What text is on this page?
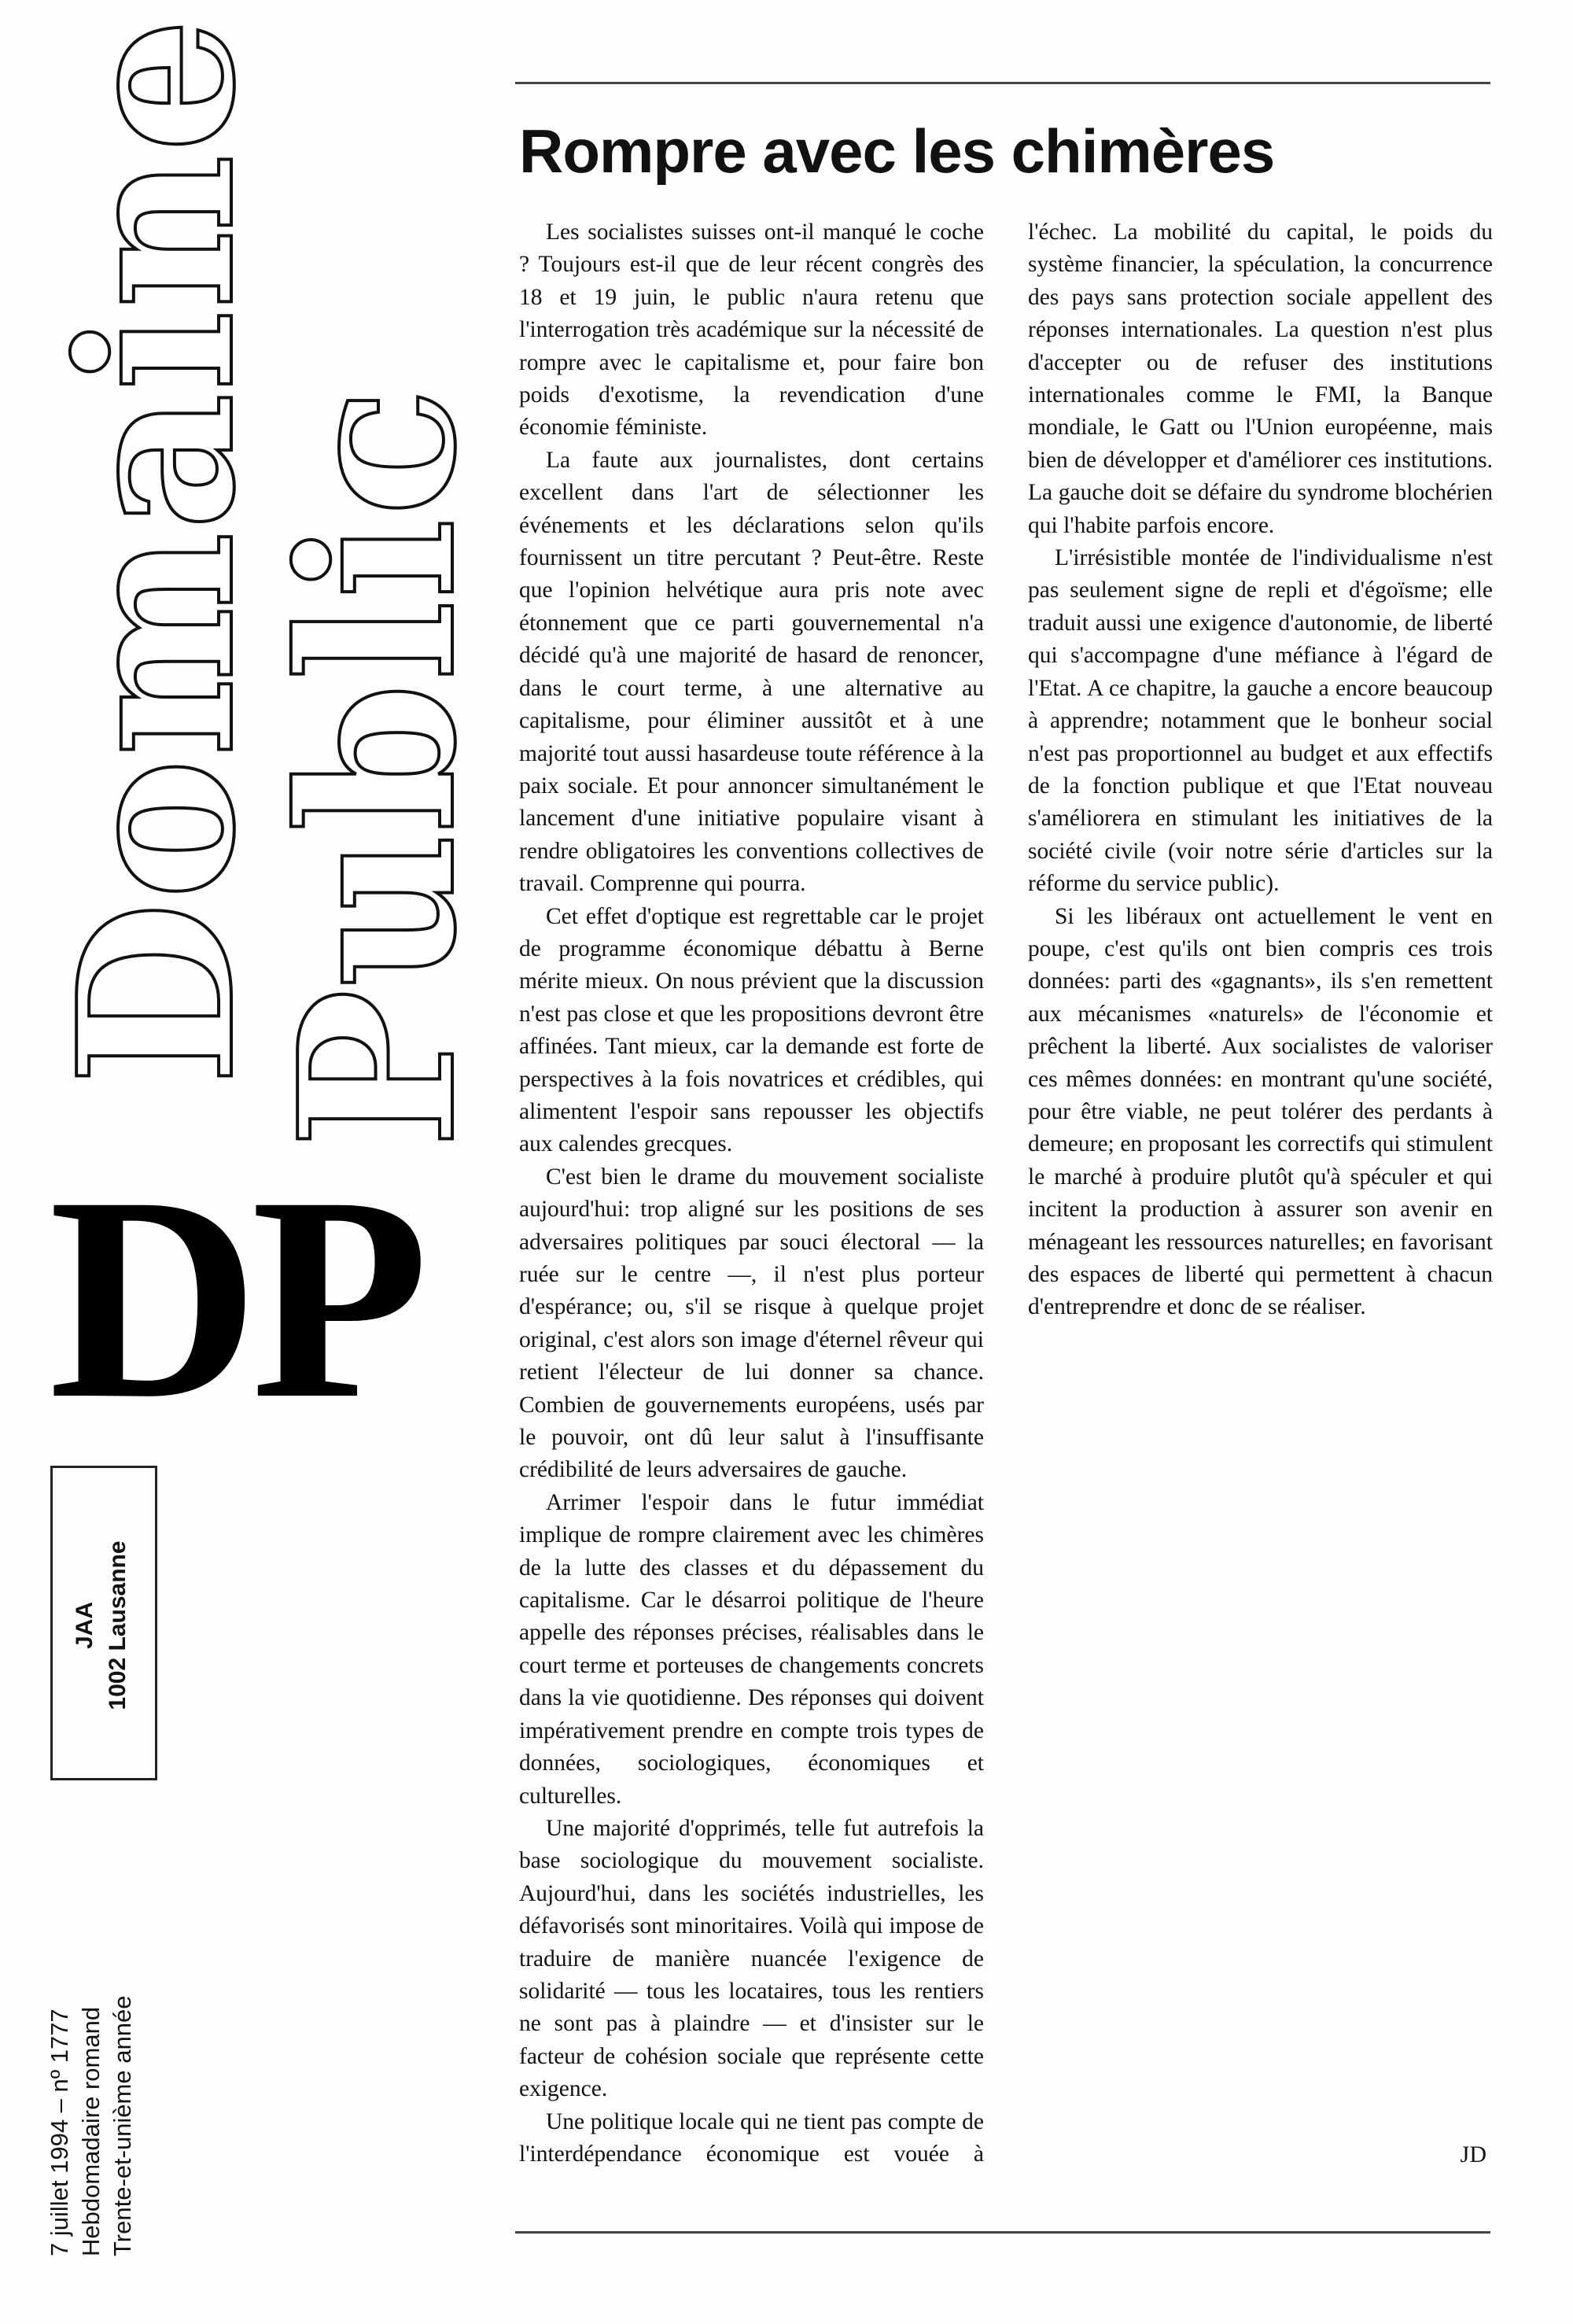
Domaine
Public
DP
JAA 1002 Lausanne
7 juillet 1994 – nº 1777 Hebdomadaire romand Trente-et-unième année
Rompre avec les chimères

Les socialistes suisses ont-il manqué le coche ? Toujours est-il que de leur récent congrès des 18 et 19 juin, le public n'aura retenu que l'interrogation très académique sur la nécessité de rompre avec le capitalisme et, pour faire bon poids d'exotisme, la revendication d'une économie féministe.

La faute aux journalistes, dont certains excellent dans l'art de sélectionner les événements et les déclarations selon qu'ils fournissent un titre percutant ? Peut-être. Reste que l'opinion helvétique aura pris note avec étonnement que ce parti gouvernemental n'a décidé qu'à une majorité de hasard de renoncer, dans le court terme, à une alternative au capitalisme, pour éliminer aussitôt et à une majorité tout aussi hasardeuse toute référence à la paix sociale. Et pour annoncer simultanément le lancement d'une initiative populaire visant à rendre obligatoires les conventions collectives de travail. Comprenne qui pourra.

Cet effet d'optique est regrettable car le projet de programme économique débattu à Berne mérite mieux. On nous prévient que la discussion n'est pas close et que les propositions devront être affinées. Tant mieux, car la demande est forte de perspectives à la fois novatrices et crédibles, qui alimentent l'espoir sans repousser les objectifs aux calendes grecques.

C'est bien le drame du mouvement socialiste aujourd'hui: trop aligné sur les positions de ses adversaires politiques par souci électoral — la ruée sur le centre —, il n'est plus porteur d'espérance; ou, s'il se risque à quelque projet original, c'est alors son image d'éternel rêveur qui retient l'électeur de lui donner sa chance. Combien de gouvernements européens, usés par le pouvoir, ont dû leur salut à l'insuffisante crédibilité de leurs adversaires de gauche.

Arrimer l'espoir dans le futur immédiat implique de rompre clairement avec les chimères de la lutte des classes et du dépassement du capitalisme. Car le désarroi politique de l'heure appelle des réponses précises, réalisables dans le court terme et porteuses de changements concrets dans la vie quotidienne. Des réponses qui doivent impérativement prendre en compte trois types de données, sociologiques, économiques et culturelles.

Une majorité d'opprimés, telle fut autrefois la base sociologique du mouvement socialiste. Aujourd'hui, dans les sociétés industrielles, les défavorisés sont minoritaires. Voilà qui impose de traduire de manière nuancée l'exigence de solidarité — tous les locataires, tous les rentiers ne sont pas à plaindre — et d'insister sur le facteur de cohésion sociale que représente cette exigence.

Une politique locale qui ne tient pas compte de l'interdépendance économique est vouée à l'échec. La mobilité du capital, le poids du système financier, la spéculation, la concurrence des pays sans protection sociale appellent des réponses internationales. La question n'est plus d'accepter ou de refuser des institutions internationales comme le FMI, la Banque mondiale, le Gatt ou l'Union européenne, mais bien de développer et d'améliorer ces institutions. La gauche doit se défaire du syndrome blochérien qui l'habite parfois encore.

L'irrésistible montée de l'individualisme n'est pas seulement signe de repli et d'égoïsme; elle traduit aussi une exigence d'autonomie, de liberté qui s'accompagne d'une méfiance à l'égard de l'Etat. A ce chapitre, la gauche a encore beaucoup à apprendre; notamment que le bonheur social n'est pas proportionnel au budget et aux effectifs de la fonction publique et que l'Etat nouveau s'améliorera en stimulant les initiatives de la société civile (voir notre série d'articles sur la réforme du service public).

Si les libéraux ont actuellement le vent en poupe, c'est qu'ils ont bien compris ces trois données: parti des «gagnants», ils s'en remettent aux mécanismes «naturels» de l'économie et prêchent la liberté. Aux socialistes de valoriser ces mêmes données: en montrant qu'une société, pour être viable, ne peut tolérer des perdants à demeure; en proposant les correctifs qui stimulent le marché à produire plutôt qu'à spéculer et qui incitent la production à assurer son avenir en ménageant les ressources naturelles; en favorisant des espaces de liberté qui permettent à chacun d'entreprendre et donc de se réaliser.

JD
